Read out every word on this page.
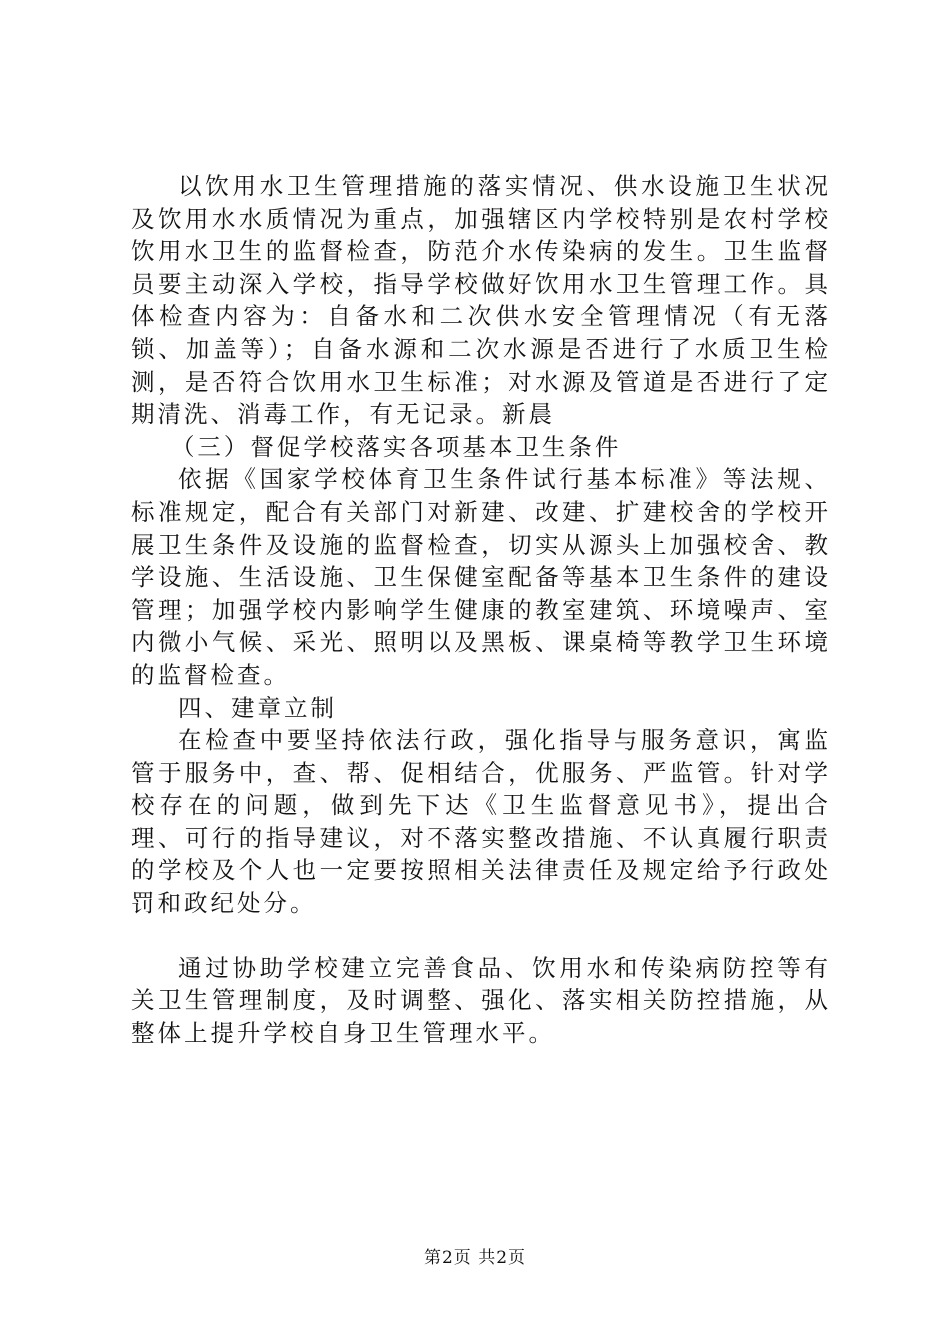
以饮用水卫生管理措施的落实情况、供水设施卫生状况及饮用水水质情况为重点，加强辖区内学校特别是农村学校饮用水卫生的监督检查，防范介水传染病的发生。卫生监督员要主动深入学校，指导学校做好饮用水卫生管理工作。具体检查内容为：自备水和二次供水安全管理情况（有无落锁、加盖等）；自备水源和二次水源是否进行了水质卫生检测，是否符合饮用水卫生标准；对水源及管道是否进行了定期清洗、消毒工作，有无记录。新晨

（三）督促学校落实各项基本卫生条件

依据《国家学校体育卫生条件试行基本标准》等法规、标准规定，配合有关部门对新建、改建、扩建校舍的学校开展卫生条件及设施的监督检查，切实从源头上加强校舍、教学设施、生活设施、卫生保健室配备等基本卫生条件的建设管理；加强学校内影响学生健康的教室建筑、环境噪声、室内微小气候、采光、照明以及黑板、课桌椅等教学卫生环境的监督检查。

四、建章立制

在检查中要坚持依法行政，强化指导与服务意识，寓监管于服务中，查、帮、促相结合，优服务、严监管。针对学校存在的问题，做到先下达《卫生监督意见书》，提出合理、可行的指导建议，对不落实整改措施、不认真履行职责的学校及个人也一定要按照相关法律责任及规定给予行政处罚和政纪处分。

通过协助学校建立完善食品、饮用水和传染病防控等有关卫生管理制度，及时调整、强化、落实相关防控措施，从整体上提升学校自身卫生管理水平。

第2页 共2页
